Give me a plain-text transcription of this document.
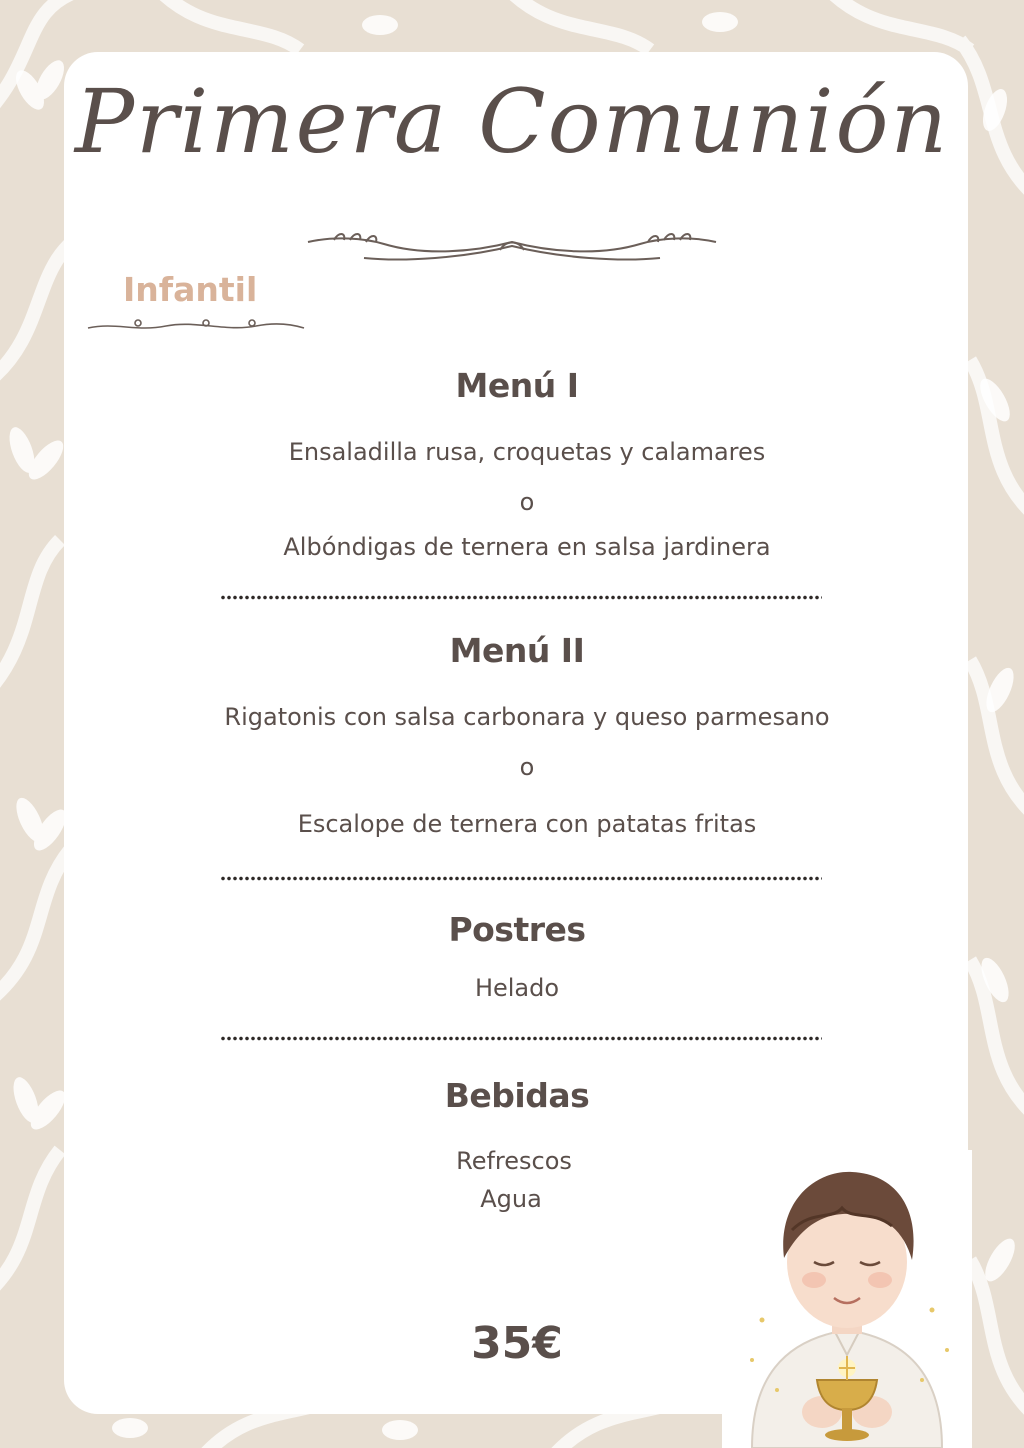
Primera Comunión
Infantil
Menú I

Ensaladilla rusa, croquetas y calamares

o

Albóndigas de ternera en salsa jardinera

Menú II

Rigatonis con salsa carbonara y queso parmesano

o

Escalope de ternera con patatas fritas

Postres

Helado

Bebidas

Refrescos

Agua

35€
